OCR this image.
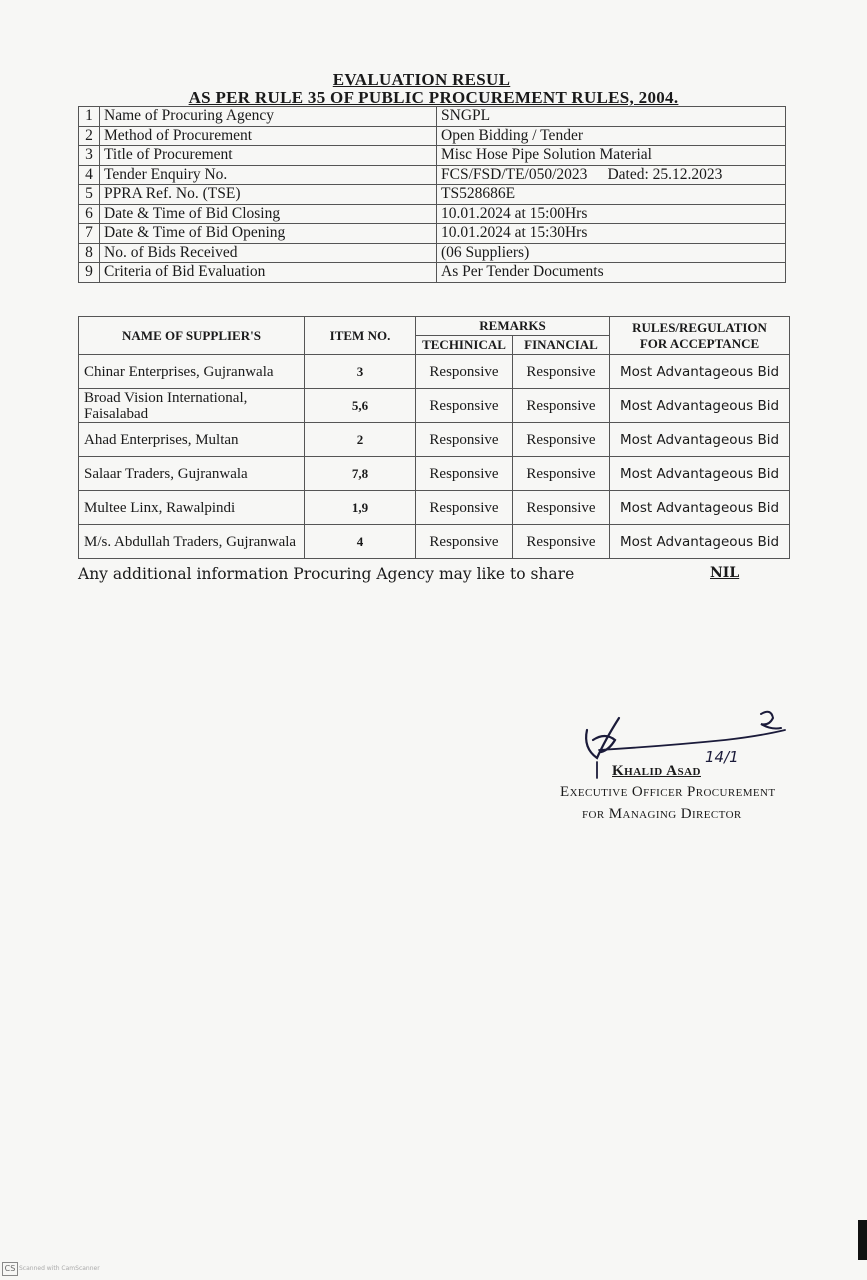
EVALUATION RESUL
AS PER RULE 35 OF PUBLIC PROCUREMENT RULES, 2004.
1	Name of Procuring Agency	SNGPL
2	Method of Procurement	Open Bidding / Tender
3	Title of Procurement	Misc Hose Pipe Solution Material
4	Tender Enquiry No.	FCS/FSD/TE/050/2023 Dated: 25.12.2023
5	PPRA Ref. No. (TSE)	TS528686E
6	Date & Time of Bid Closing	10.01.2024 at 15:00Hrs
7	Date & Time of Bid Opening	10.01.2024 at 15:30Hrs
8	No. of Bids Received	(06 Suppliers)
9	Criteria of Bid Evaluation	As Per Tender Documents
NAME OF SUPPLIER'S	ITEM NO.	REMARKS		RULES/REGULATION
FOR ACCEPTANCE

		TECHINICAL	FINANCIAL	
Chinar Enterprises, Gujranwala	3	Responsive	Responsive	Most Advantageous Bid
Broad Vision International, Faisalabad	5,6	Responsive	Responsive	Most Advantageous Bid
Ahad Enterprises, Multan	2	Responsive	Responsive	Most Advantageous Bid
Salaar Traders, Gujranwala	7,8	Responsive	Responsive	Most Advantageous Bid
Multee Linx, Rawalpindi	1,9	Responsive	Responsive	Most Advantageous Bid
M/s. Abdullah Traders, Gujranwala	4	Responsive	Responsive	Most Advantageous Bid
Any additional information Procuring Agency may like to share	NIL
14/1
Khalid Asad
Executive Officer Procurement
for Managing Director
CS Scanned with CamScanner
